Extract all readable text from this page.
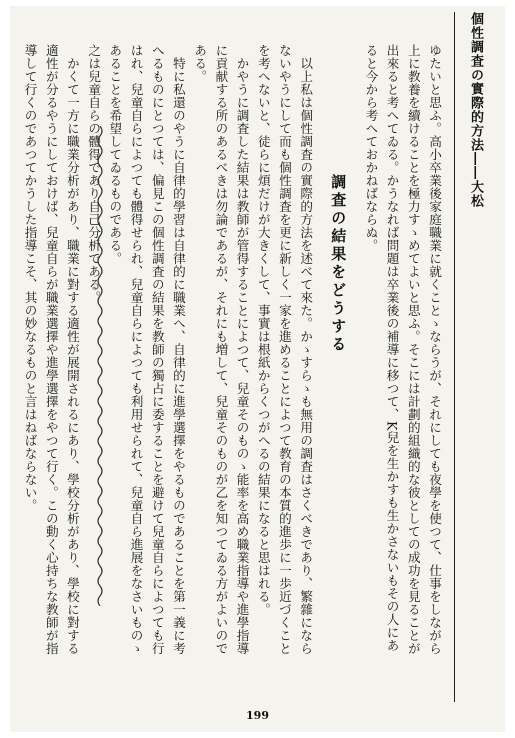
個性調査の實際的方法――大松

ゆたいと思ふ。高小卒業後家庭職業に就くことゝならうが、それにしても夜學を使つて、仕事をしながら上に教養を續けることを極力すゝめてよいと思ふ。そこには計劃的組織的な彼としての成功を見ることが出來ると考へてゐる。かうなれば問題は卒業後の補導に移つて、K兒を生かすも生かさないもその人にあると今から考へておかねばならぬ。

調査の結果をどうする

以上私は個性調査の實際的方法を述べて來た。かゝすらゝも無用の調査はさくべきであり、繁雜にならないやうにして而も個性調査を更に新しく一家を進めることによつて教育の本質的進歩に一歩近づくことを考へないと、徒らに煩だけが大きくして、事實は根紙からくつがへるの結果になると思はれる。

かやうに調査した結果は教師が管得することによつて、兒童そのものゝ能率を高め職業指導や進學指導に貢献する所のあるべきは勿論であるが、それにも増して、兒童そのものが乙を知つてゐる方がよいのである。

特に私還のやうに自律的學習は自律的に職業へ、自律的に進學選擇をやるものであることを第一義に考へるものにとつては、偏見この個性調査の結果を教師の獨占に委することを避けて兒童自らによつても行はれ、兒童自らによつても體得せられ、兒童自らによつても利用せられて、兒童自ら進展をなさいものゝあることを希望してゐるものである。

之は兒童自らの體得であり自己分析である。

かくて一方に職業分析があり、職業に對する適性が展開されるにあり、學校分析があり、學校に對する適性が分るやうにしておけば、兒童自らが職業選擇や進學選擇をやつて行く。この動く心持ちな教師が指導して行くのであつてかうした指導こそ、其の妙なるものと言はねばならない。

199
